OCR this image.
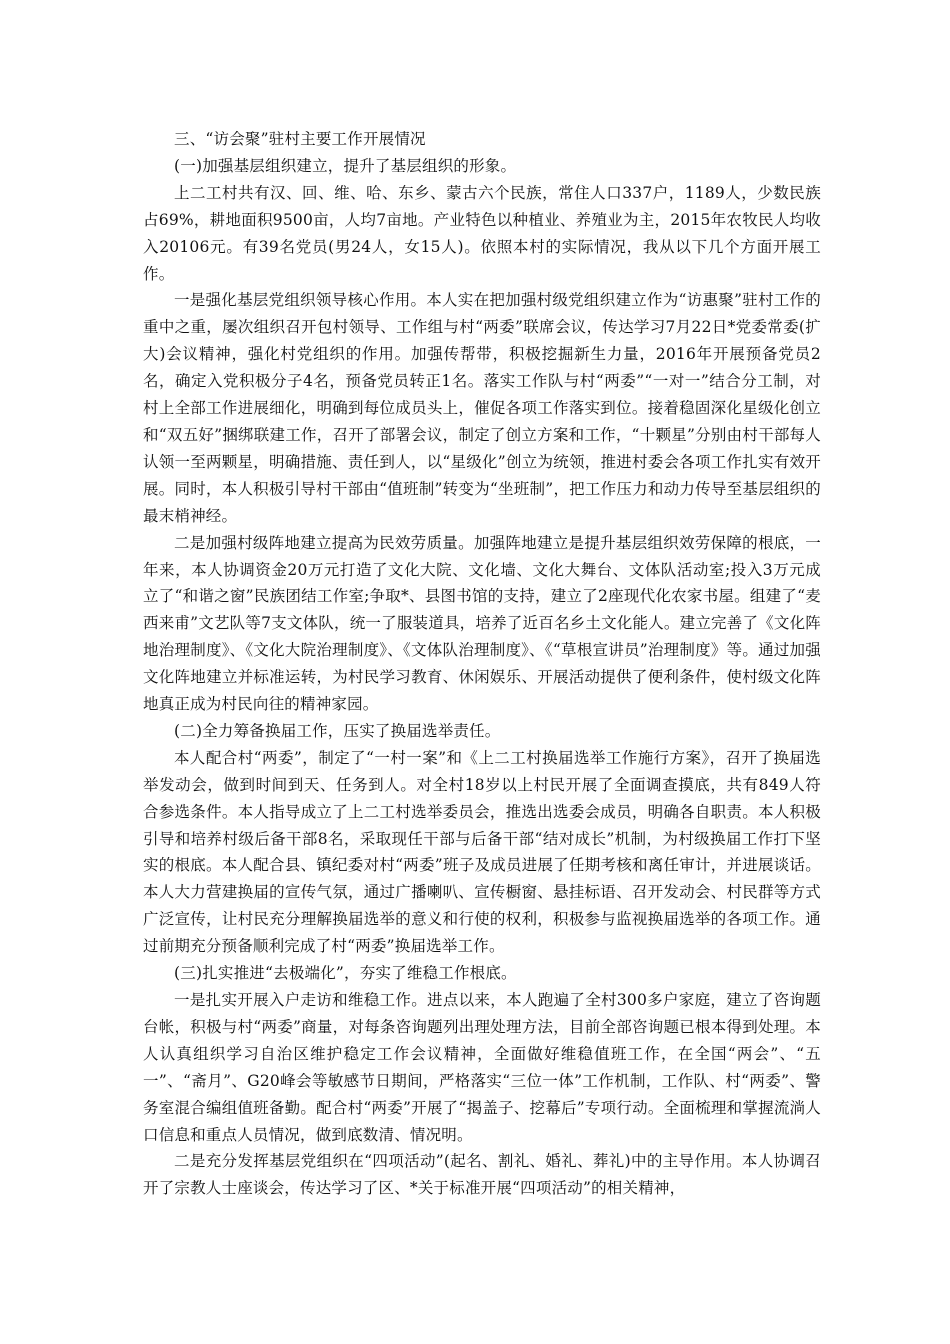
三、“访会聚”驻村主要工作开展情况

(一)加强基层组织建立，提升了基层组织的形象。

上二工村共有汉、回、维、哈、东乡、蒙古六个民族，常住人口337户，1189人，少数民族占69%，耕地面积9500亩，人均7亩地。产业特色以种植业、养殖业为主，2015年农牧民人均收入20106元。有39名党员(男24人，女15人)。依照本村的实际情况，我从以下几个方面开展工作。

一是强化基层党组织领导核心作用。本人实在把加强村级党组织建立作为“访惠聚”驻村工作的重中之重，屡次组织召开包村领导、工作组与村“两委”联席会议，传达学习7月22日*党委常委(扩大)会议精神，强化村党组织的作用。加强传帮带，积极挖掘新生力量，2016年开展预备党员2名，确定入党积极分子4名，预备党员转正1名。落实工作队与村“两委”“一对一”结合分工制，对村上全部工作进展细化，明确到每位成员头上，催促各项工作落实到位。接着稳固深化星级化创立和“双五好”捆绑联建工作，召开了部署会议，制定了创立方案和工作，“十颗星”分别由村干部每人认领一至两颗星，明确措施、责任到人，以“星级化”创立为统领，推进村委会各项工作扎实有效开展。同时，本人积极引导村干部由“值班制”转变为“坐班制”，把工作压力和动力传导至基层组织的最末梢神经。

二是加强村级阵地建立提高为民效劳质量。加强阵地建立是提升基层组织效劳保障的根底，一年来，本人协调资金20万元打造了文化大院、文化墙、文化大舞台、文体队活动室;投入3万元成立了“和谐之窗”民族团结工作室;争取*、县图书馆的支持，建立了2座现代化农家书屋。组建了“麦西来甫”文艺队等7支文体队，统一了服装道具，培养了近百名乡土文化能人。建立完善了《文化阵地治理制度》、《文化大院治理制度》、《文体队治理制度》、《“草根宣讲员”治理制度》等。通过加强文化阵地建立并标准运转，为村民学习教育、休闲娱乐、开展活动提供了便利条件，使村级文化阵地真正成为村民向往的精神家园。

(二)全力筹备换届工作，压实了换届选举责任。

本人配合村“两委”，制定了“一村一案”和《上二工村换届选举工作施行方案》，召开了换届选举发动会，做到时间到天、任务到人。对全村18岁以上村民开展了全面调查摸底，共有849人符合参选条件。本人指导成立了上二工村选举委员会，推选出选委会成员，明确各自职责。本人积极引导和培养村级后备干部8名，采取现任干部与后备干部“结对成长”机制，为村级换届工作打下坚实的根底。本人配合县、镇纪委对村“两委”班子及成员进展了任期考核和离任审计，并进展谈话。本人大力营建换届的宣传气氛，通过广播喇叭、宣传橱窗、悬挂标语、召开发动会、村民群等方式广泛宣传，让村民充分理解换届选举的意义和行使的权利，积极参与监视换届选举的各项工作。通过前期充分预备顺利完成了村“两委”换届选举工作。

(三)扎实推进“去极端化”，夯实了维稳工作根底。

一是扎实开展入户走访和维稳工作。进点以来，本人跑遍了全村300多户家庭，建立了咨询题台帐，积极与村“两委”商量，对每条咨询题列出理处理方法，目前全部咨询题已根本得到处理。本人认真组织学习自治区维护稳定工作会议精神，全面做好维稳值班工作，在全国“两会”、“五一”、“斋月”、G20峰会等敏感节日期间，严格落实“三位一体”工作机制，工作队、村“两委”、警务室混合编组值班备勤。配合村“两委”开展了“揭盖子、挖幕后”专项行动。全面梳理和掌握流淌人口信息和重点人员情况，做到底数清、情况明。

二是充分发挥基层党组织在“四项活动”(起名、割礼、婚礼、葬礼)中的主导作用。本人协调召开了宗教人士座谈会，传达学习了区、*关于标准开展“四项活动”的相关精神，
